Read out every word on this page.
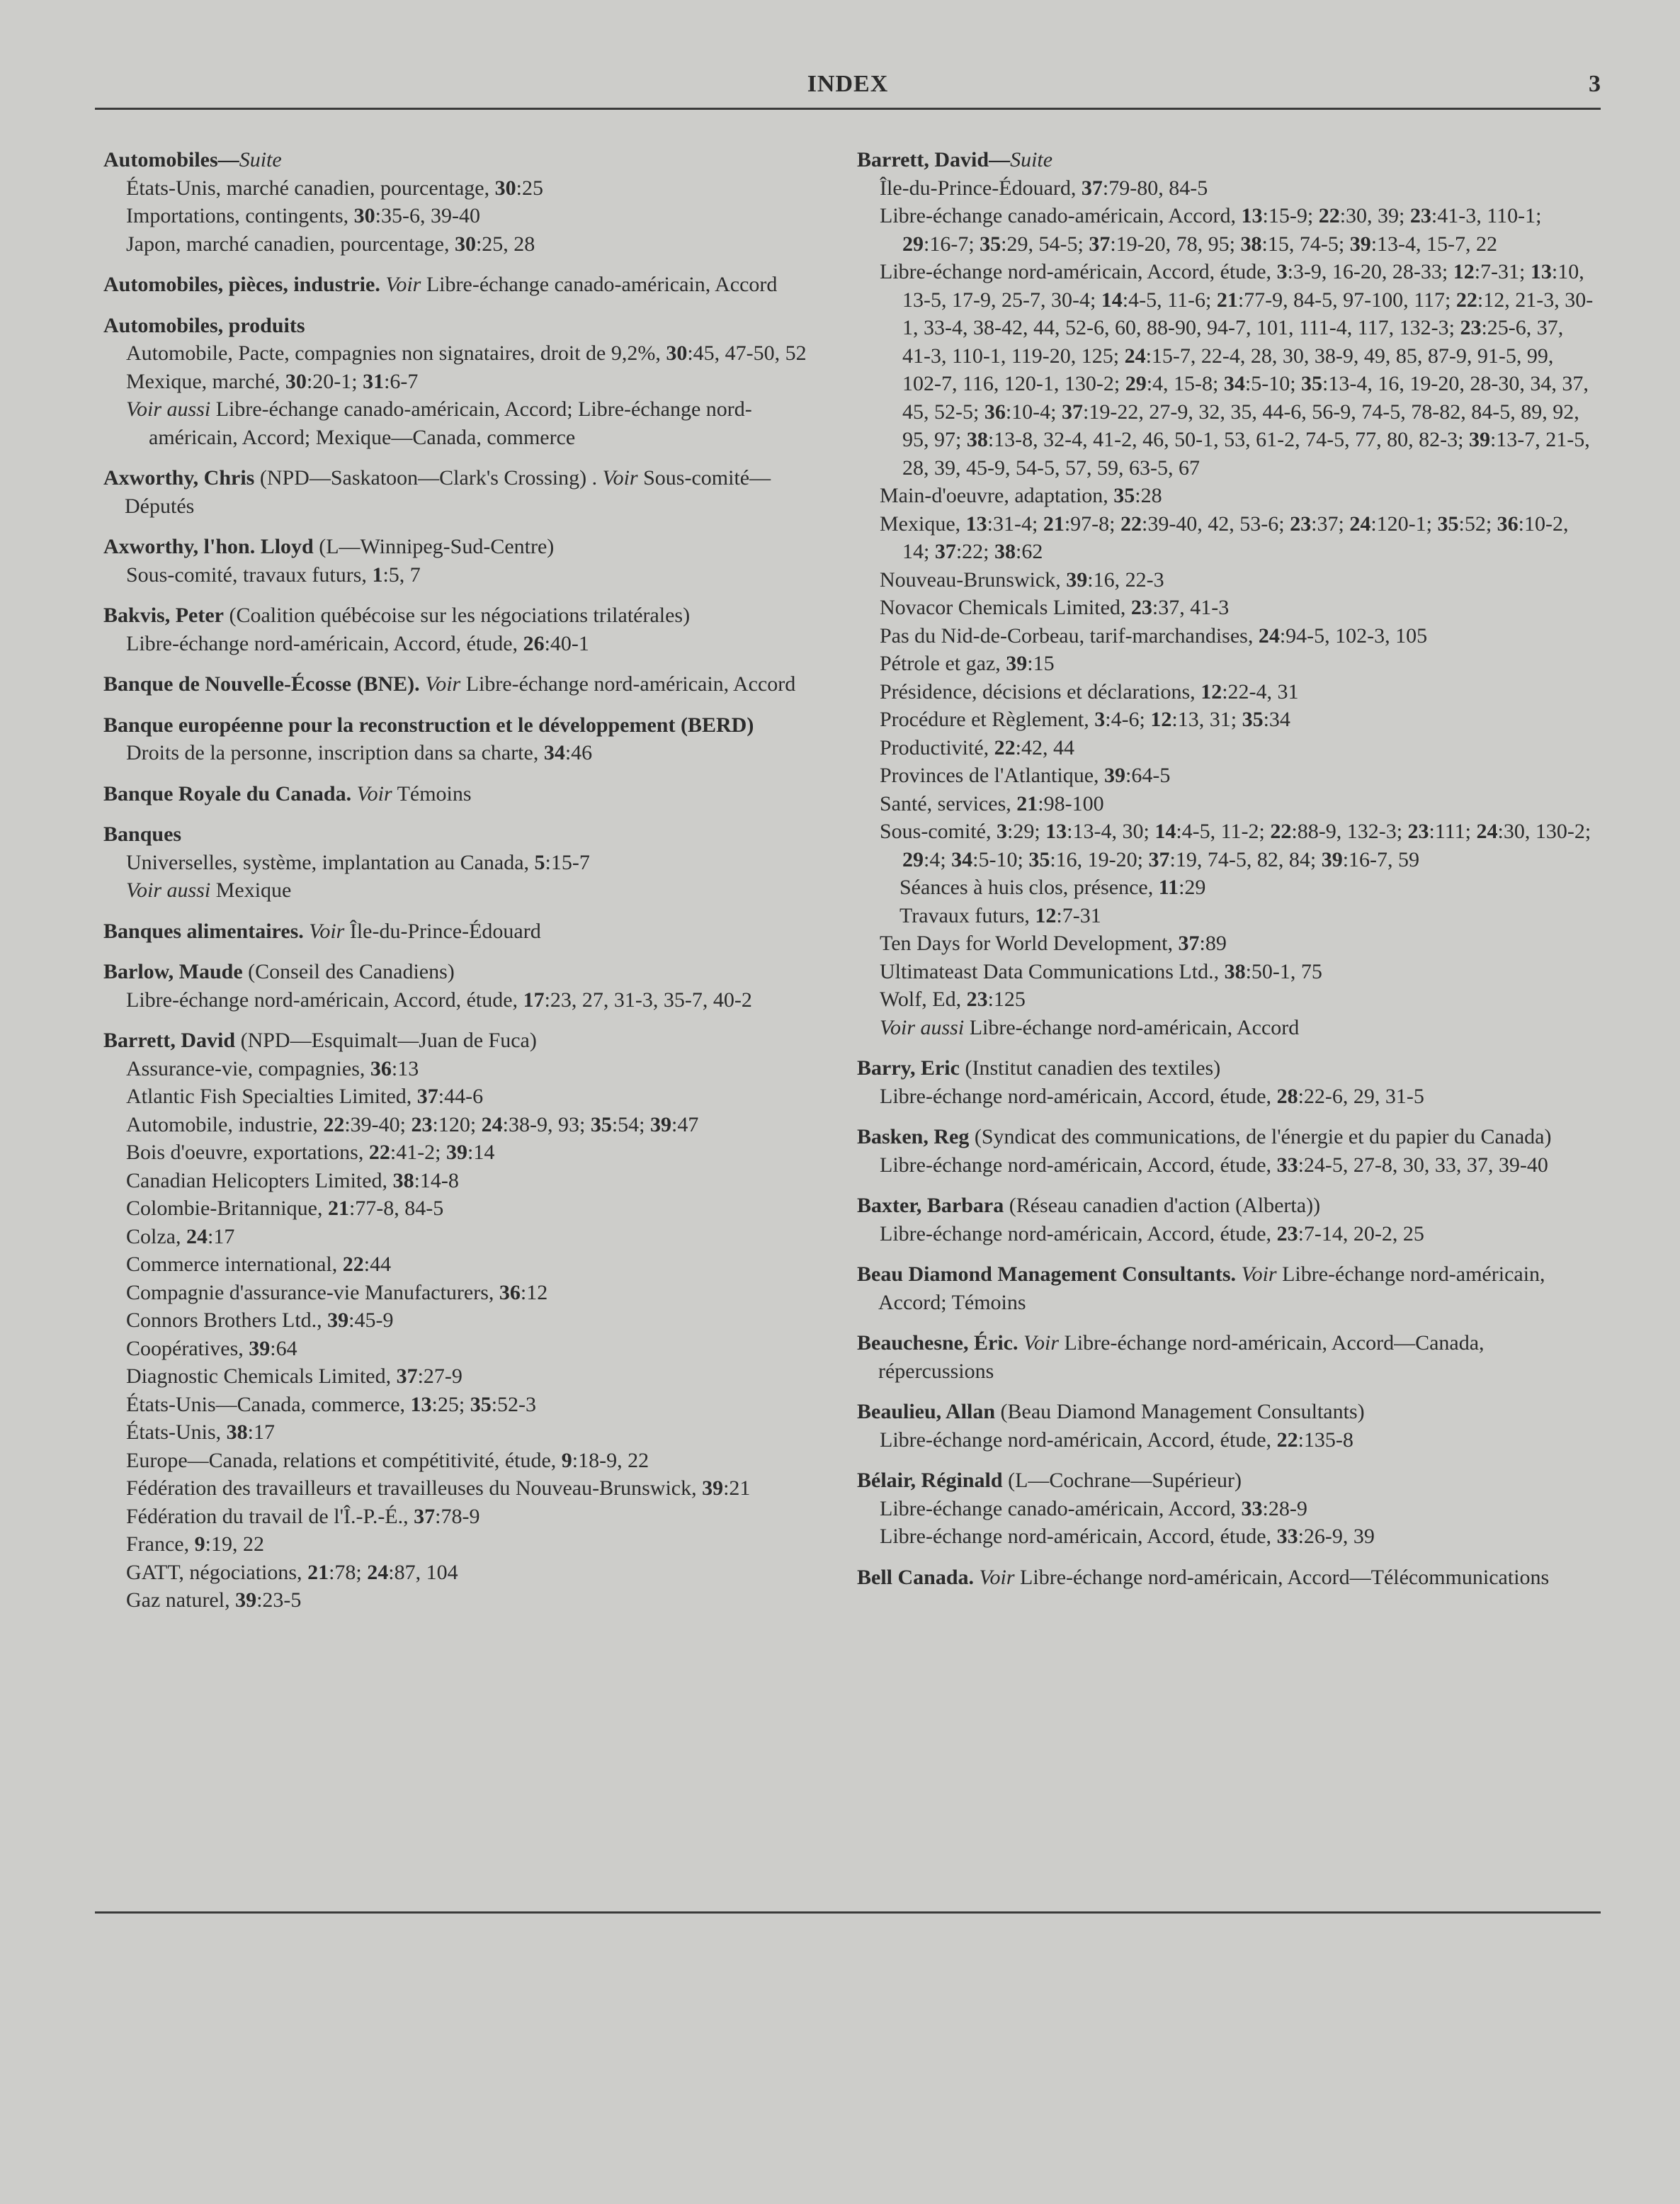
INDEX	3
Automobiles—Suite
États-Unis, marché canadien, pourcentage, 30:25
Importations, contingents, 30:35-6, 39-40
Japon, marché canadien, pourcentage, 30:25, 28
Automobiles, pièces, industrie. Voir Libre-échange canado-américain, Accord
Automobiles, produits
Automobile, Pacte, compagnies non signataires, droit de 9,2%, 30:45, 47-50, 52
Mexique, marché, 30:20-1; 31:6-7
Voir aussi Libre-échange canado-américain, Accord; Libre-échange nord-américain, Accord; Mexique—Canada, commerce
Axworthy, Chris (NPD—Saskatoon—Clark's Crossing) . Voir Sous-comité—Députés
Axworthy, l'hon. Lloyd (L—Winnipeg-Sud-Centre)
Sous-comité, travaux futurs, 1:5, 7
Bakvis, Peter (Coalition québécoise sur les négociations trilatérales)
Libre-échange nord-américain, Accord, étude, 26:40-1
Banque de Nouvelle-Écosse (BNE). Voir Libre-échange nord-américain, Accord
Banque européenne pour la reconstruction et le développement (BERD)
Droits de la personne, inscription dans sa charte, 34:46
Banque Royale du Canada. Voir Témoins
Banques
Universelles, système, implantation au Canada, 5:15-7
Voir aussi Mexique
Banques alimentaires. Voir Île-du-Prince-Édouard
Barlow, Maude (Conseil des Canadiens)
Libre-échange nord-américain, Accord, étude, 17:23, 27, 31-3, 35-7, 40-2
Barrett, David (NPD—Esquimalt—Juan de Fuca)
Assurance-vie, compagnies, 36:13
Atlantic Fish Specialties Limited, 37:44-6
Automobile, industrie, 22:39-40; 23:120; 24:38-9, 93; 35:54; 39:47
Bois d'oeuvre, exportations, 22:41-2; 39:14
Canadian Helicopters Limited, 38:14-8
Colombie-Britannique, 21:77-8, 84-5
Colza, 24:17
Commerce international, 22:44
Compagnie d'assurance-vie Manufacturers, 36:12
Connors Brothers Ltd., 39:45-9
Coopératives, 39:64
Diagnostic Chemicals Limited, 37:27-9
États-Unis—Canada, commerce, 13:25; 35:52-3
États-Unis, 38:17
Europe—Canada, relations et compétitivité, étude, 9:18-9, 22
Fédération des travailleurs et travailleuses du Nouveau-Brunswick, 39:21
Fédération du travail de l'Î.-P.-É., 37:78-9
France, 9:19, 22
GATT, négociations, 21:78; 24:87, 104
Gaz naturel, 39:23-5
Barrett, David—Suite
Île-du-Prince-Édouard, 37:79-80, 84-5
Libre-échange canado-américain, Accord, 13:15-9; 22:30, 39; 23:41-3, 110-1; 29:16-7; 35:29, 54-5; 37:19-20, 78, 95; 38:15, 74-5; 39:13-4, 15-7, 22
Libre-échange nord-américain, Accord, étude, 3:3-9, 16-20, 28-33; 12:7-31; 13:10, 13-5, 17-9, 25-7, 30-4; 14:4-5, 11-6; 21:77-9, 84-5, 97-100, 117; 22:12, 21-3, 30-1, 33-4, 38-42, 44, 52-6, 60, 88-90, 94-7, 101, 111-4, 117, 132-3; 23:25-6, 37, 41-3, 110-1, 119-20, 125; 24:15-7, 22-4, 28, 30, 38-9, 49, 85, 87-9, 91-5, 99, 102-7, 116, 120-1, 130-2; 29:4, 15-8; 34:5-10; 35:13-4, 16, 19-20, 28-30, 34, 37, 45, 52-5; 36:10-4; 37:19-22, 27-9, 32, 35, 44-6, 56-9, 74-5, 78-82, 84-5, 89, 92, 95, 97; 38:13-8, 32-4, 41-2, 46, 50-1, 53, 61-2, 74-5, 77, 80, 82-3; 39:13-7, 21-5, 28, 39, 45-9, 54-5, 57, 59, 63-5, 67
Main-d'oeuvre, adaptation, 35:28
Mexique, 13:31-4; 21:97-8; 22:39-40, 42, 53-6; 23:37; 24:120-1; 35:52; 36:10-2, 14; 37:22; 38:62
Nouveau-Brunswick, 39:16, 22-3
Novacor Chemicals Limited, 23:37, 41-3
Pas du Nid-de-Corbeau, tarif-marchandises, 24:94-5, 102-3, 105
Pétrole et gaz, 39:15
Présidence, décisions et déclarations, 12:22-4, 31
Procédure et Règlement, 3:4-6; 12:13, 31; 35:34
Productivité, 22:42, 44
Provinces de l'Atlantique, 39:64-5
Santé, services, 21:98-100
Sous-comité, 3:29; 13:13-4, 30; 14:4-5, 11-2; 22:88-9, 132-3; 23:111; 24:30, 130-2; 29:4; 34:5-10; 35:16, 19-20; 37:19, 74-5, 82, 84; 39:16-7, 59
Séances à huis clos, présence, 11:29
Travaux futurs, 12:7-31
Ten Days for World Development, 37:89
Ultimateast Data Communications Ltd., 38:50-1, 75
Wolf, Ed, 23:125
Voir aussi Libre-échange nord-américain, Accord
Barry, Eric (Institut canadien des textiles)
Libre-échange nord-américain, Accord, étude, 28:22-6, 29, 31-5
Basken, Reg (Syndicat des communications, de l'énergie et du papier du Canada)
Libre-échange nord-américain, Accord, étude, 33:24-5, 27-8, 30, 33, 37, 39-40
Baxter, Barbara (Réseau canadien d'action (Alberta))
Libre-échange nord-américain, Accord, étude, 23:7-14, 20-2, 25
Beau Diamond Management Consultants. Voir Libre-échange nord-américain, Accord; Témoins
Beauchesne, Éric. Voir Libre-échange nord-américain, Accord—Canada, répercussions
Beaulieu, Allan (Beau Diamond Management Consultants)
Libre-échange nord-américain, Accord, étude, 22:135-8
Bélair, Réginald (L—Cochrane—Supérieur)
Libre-échange canado-américain, Accord, 33:28-9
Libre-échange nord-américain, Accord, étude, 33:26-9, 39
Bell Canada. Voir Libre-échange nord-américain, Accord—Télécommunications
